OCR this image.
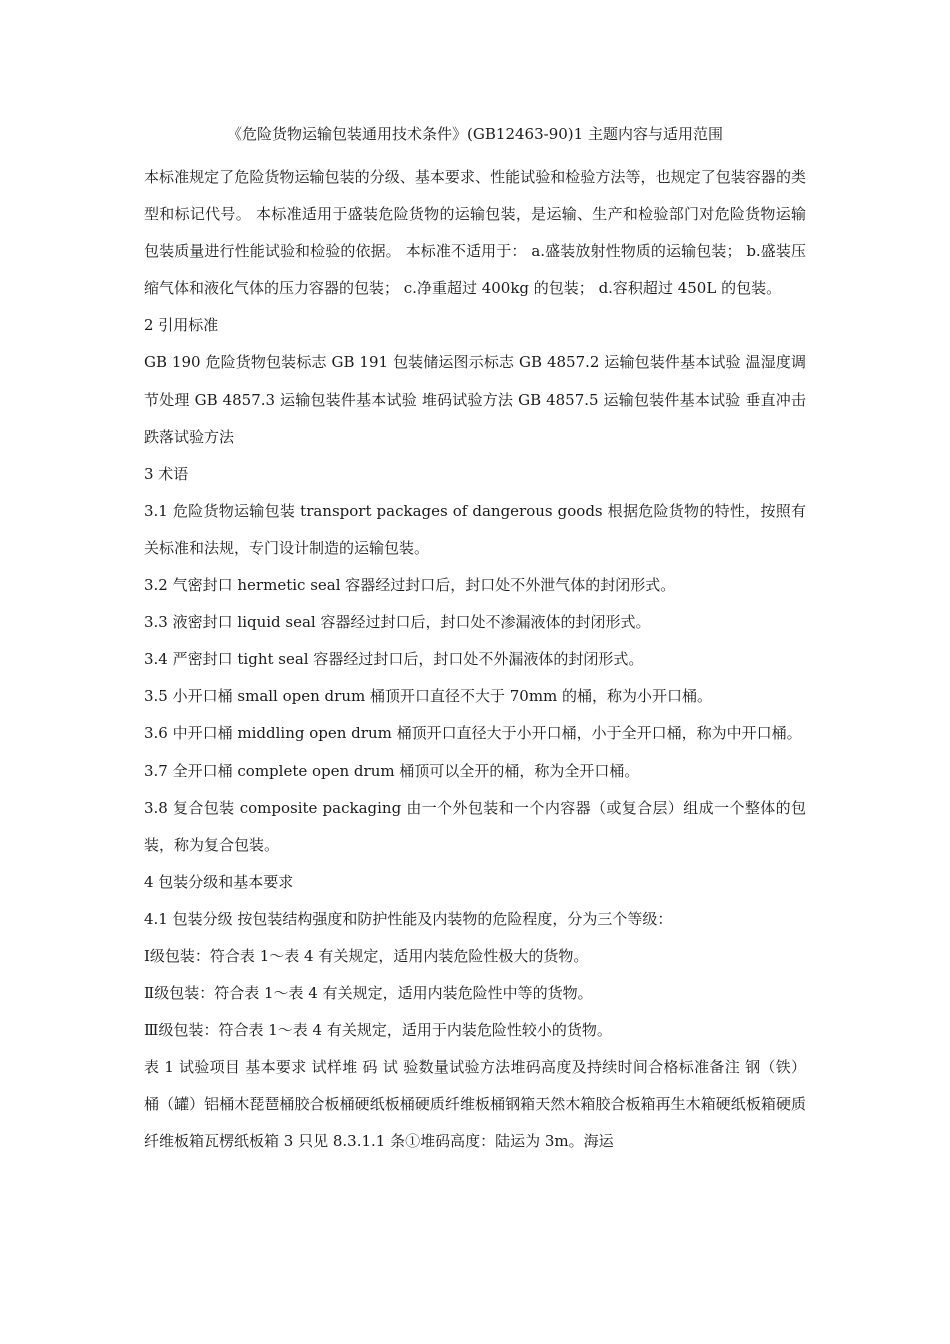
《危险货物运输包装通用技术条件》(GB12463-90)1 主题内容与适用范围

本标准规定了危险货物运输包装的分级、基本要求、性能试验和检验方法等，也规定了包装容器的类型和标记代号。 本标准适用于盛装危险货物的运输包装，是运输、生产和检验部门对危险货物运输包装质量进行性能试验和检验的依据。 本标准不适用于： a.盛装放射性物质的运输包装； b.盛装压缩气体和液化气体的压力容器的包装； c.净重超过 400kg 的包装； d.容积超过 450L 的包装。

2 引用标准

GB 190 危险货物包装标志 GB 191 包装储运图示标志 GB 4857.2 运输包装件基本试验 温湿度调节处理 GB 4857.3 运输包装件基本试验 堆码试验方法 GB 4857.5 运输包装件基本试验 垂直冲击跌落试验方法

3 术语

3.1 危险货物运输包装 transport packages of dangerous goods 根据危险货物的特性，按照有关标准和法规，专门设计制造的运输包装。

3.2 气密封口 hermetic seal 容器经过封口后，封口处不外泄气体的封闭形式。

3.3 液密封口 liquid seal 容器经过封口后，封口处不渗漏液体的封闭形式。

3.4 严密封口 tight seal 容器经过封口后，封口处不外漏液体的封闭形式。

3.5 小开口桶 small open drum 桶顶开口直径不大于 70mm 的桶，称为小开口桶。

3.6 中开口桶 middling open drum 桶顶开口直径大于小开口桶，小于全开口桶，称为中开口桶。

3.7 全开口桶 complete open drum 桶顶可以全开的桶，称为全开口桶。

3.8 复合包装 composite packaging 由一个外包装和一个内容器（或复合层）组成一个整体的包装，称为复合包装。

4 包装分级和基本要求

4.1 包装分级 按包装结构强度和防护性能及内装物的危险程度，分为三个等级：

Ⅰ级包装：符合表 1～表 4 有关规定，适用内装危险性极大的货物。

Ⅱ级包装：符合表 1～表 4 有关规定，适用内装危险性中等的货物。

Ⅲ级包装：符合表 1～表 4 有关规定，适用于内装危险性较小的货物。

表 1 试验项目 基本要求 试样堆 码 试 验数量试验方法堆码高度及持续时间合格标准备注 钢（铁）桶（罐）铝桶木琵琶桶胶合板桶硬纸板桶硬质纤维板桶钢箱天然木箱胶合板箱再生木箱硬纸板箱硬质纤维板箱瓦楞纸板箱 3 只见 8.3.1.1 条①堆码高度：陆运为 3m。海运
